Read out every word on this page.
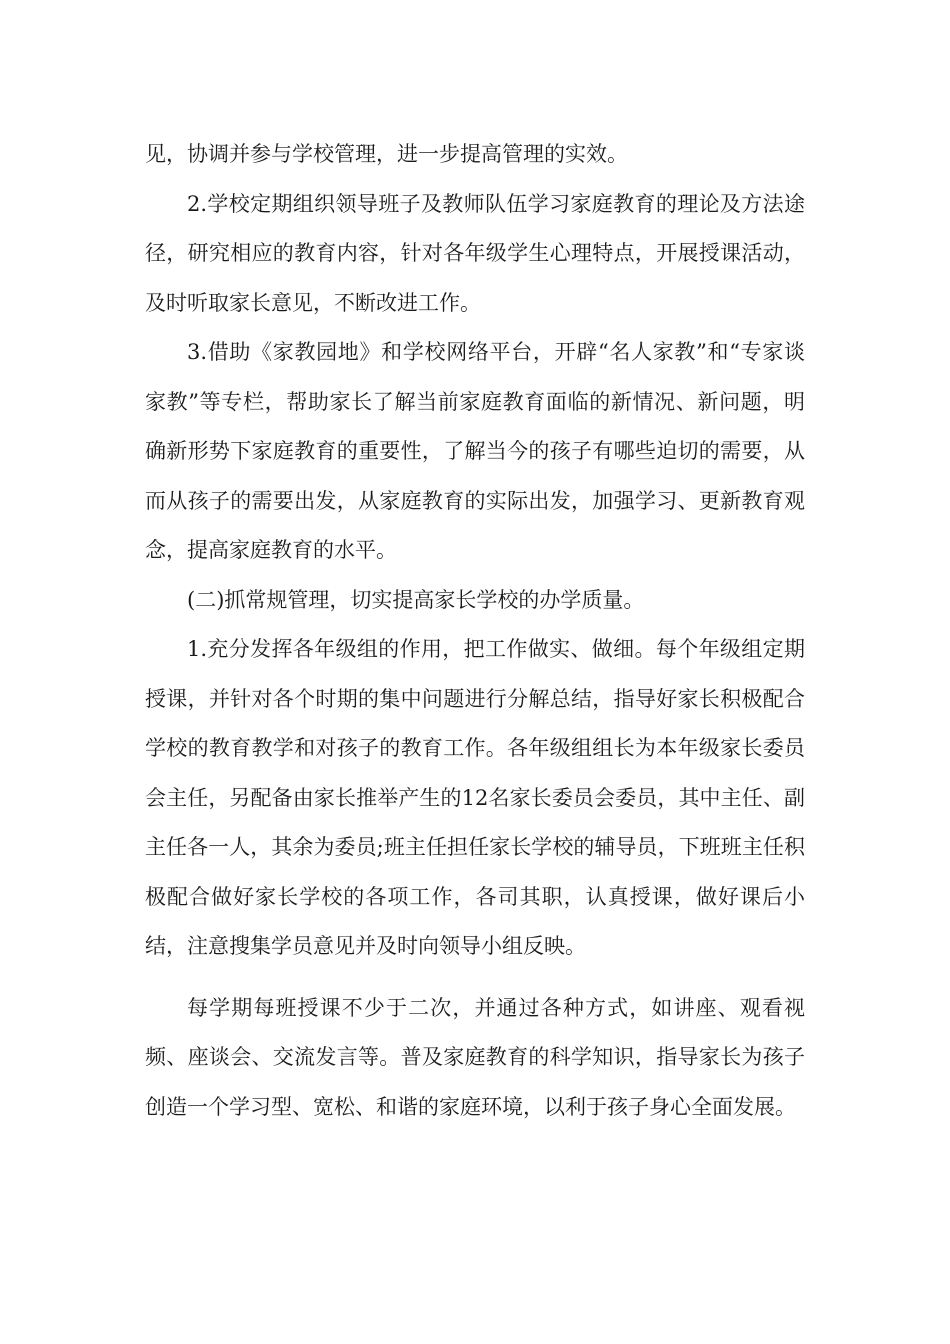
见，协调并参与学校管理，进一步提高管理的实效。

2.学校定期组织领导班子及教师队伍学习家庭教育的理论及方法途径，研究相应的教育内容，针对各年级学生心理特点，开展授课活动，及时听取家长意见，不断改进工作。

3.借助《家教园地》和学校网络平台，开辟“名人家教”和“专家谈家教”等专栏，帮助家长了解当前家庭教育面临的新情况、新问题，明确新形势下家庭教育的重要性，了解当今的孩子有哪些迫切的需要，从而从孩子的需要出发，从家庭教育的实际出发，加强学习、更新教育观念，提高家庭教育的水平。

(二)抓常规管理，切实提高家长学校的办学质量。

1.充分发挥各年级组的作用，把工作做实、做细。每个年级组定期授课，并针对各个时期的集中问题进行分解总结，指导好家长积极配合学校的教育教学和对孩子的教育工作。各年级组组长为本年级家长委员会主任，另配备由家长推举产生的12名家长委员会委员，其中主任、副主任各一人，其余为委员;班主任担任家长学校的辅导员，下班班主任积极配合做好家长学校的各项工作，各司其职，认真授课，做好课后小结，注意搜集学员意见并及时向领导小组反映。

每学期每班授课不少于二次，并通过各种方式，如讲座、观看视频、座谈会、交流发言等。普及家庭教育的科学知识，指导家长为孩子创造一个学习型、宽松、和谐的家庭环境，以利于孩子身心全面发展。
